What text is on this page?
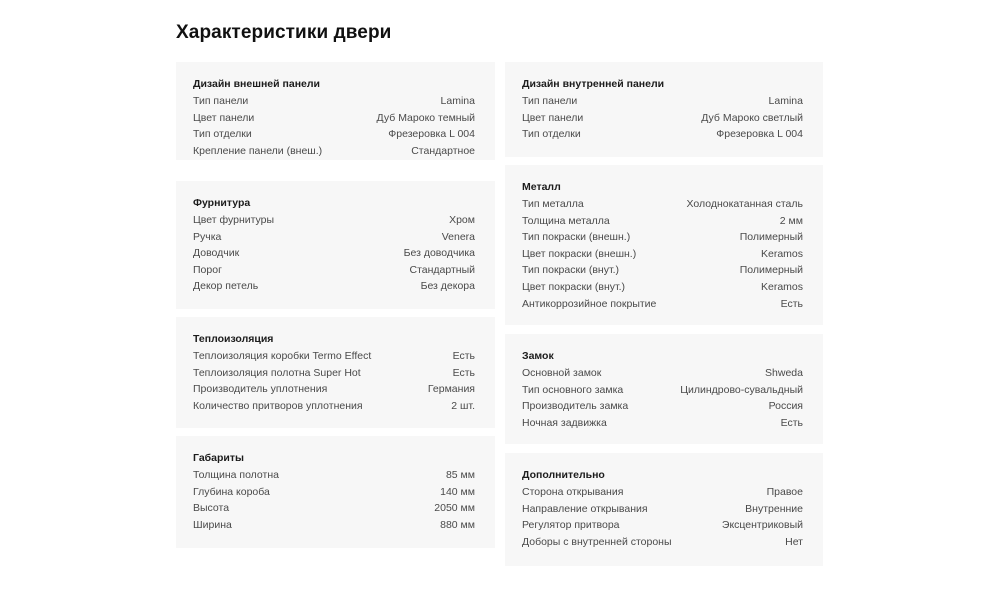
Характеристики двери
Дизайн внешней панели
Тип панели	Lamina
Цвет панели	Дуб Мароко темный
Тип отделки	Фрезеровка L 004
Крепление панели (внеш.)	Стандартное
Фурнитура
Цвет фурнитуры	Хром
Ручка	Venera
Доводчик	Без доводчика
Порог	Стандартный
Декор петель	Без декора
Теплоизоляция
Теплоизоляция коробки Termo Effect	Есть
Теплоизоляция полотна Super Hot	Есть
Производитель уплотнения	Германия
Количество притворов уплотнения	2 шт.
Габариты
Толщина полотна	85 мм
Глубина короба	140 мм
Высота	2050 мм
Ширина	880 мм
Дизайн внутренней панели
Тип панели	Lamina
Цвет панели	Дуб Мароко светлый
Тип отделки	Фрезеровка L 004
Металл
Тип металла	Холоднокатанная сталь
Толщина металла	2 мм
Тип покраски (внешн.)	Полимерный
Цвет покраски (внешн.)	Keramos
Тип покраски (внут.)	Полимерный
Цвет покраски (внут.)	Keramos
Антикоррозийное покрытие	Есть
Замок
Основной замок	Shweda
Тип основного замка	Цилиндрово-сувальдный
Производитель замка	Россия
Ночная задвижка	Есть
Дополнительно
Сторона открывания	Правое
Направление открывания	Внутренние
Регулятор притвора	Эксцентриковый
Доборы с внутренней стороны	Нет
